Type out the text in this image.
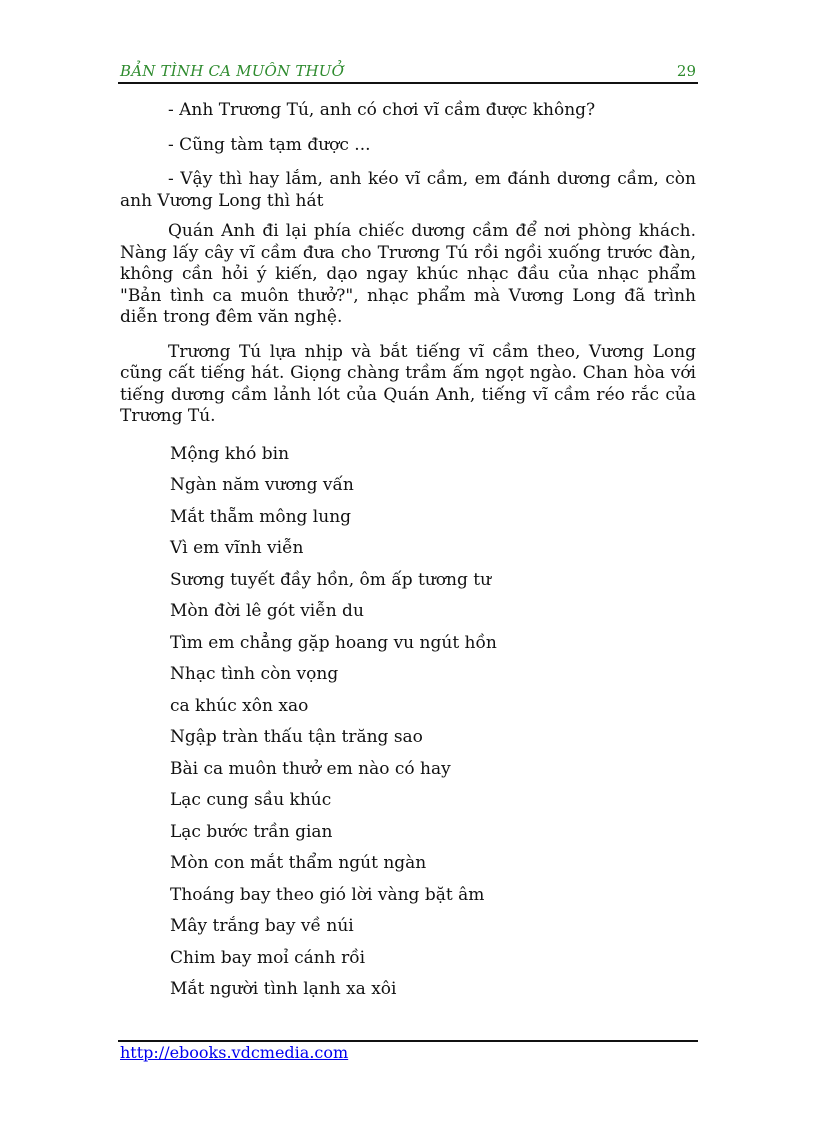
BẢN TÌNH CA MUÔN THUỞ	29

- Anh Trương Tú, anh có chơi vĩ cầm được không?

- Cũng tàm tạm được ...

- Vậy thì hay lắm, anh kéo vĩ cầm, em đánh dương cầm, còn anh Vương Long thì hát

Quán Anh đi lại phía chiếc dương cầm để nơi phòng khách. Nàng lấy cây vĩ cầm đưa cho Trương Tú rồi ngồi xuống trước đàn, không cần hỏi ý kiến, dạo ngay khúc nhạc đầu của nhạc phẩm "Bản tình ca muôn thưở?", nhạc phẩm mà Vương Long đã trình diễn trong đêm văn nghệ.

Trương Tú lựa nhịp và bắt tiếng vĩ cầm theo, Vương Long cũng cất tiếng hát. Giọng chàng trầm ấm ngọt ngào. Chan hòa với tiếng dương cầm lảnh lót của Quán Anh, tiếng vĩ cầm réo rắc của Trương Tú.

Mộng khó bin
Ngàn năm vương vấn
Mắt thẵm mông lung
Vì em vĩnh viễn
Sương tuyết đầy hồn, ôm ấp tương tư
Mòn đời lê gót viễn du
Tìm em chẳng gặp hoang vu ngút hồn
Nhạc tình còn vọng
ca khúc xôn xao
Ngập tràn thấu tận trăng sao
Bài ca muôn thưở em nào có hay
Lạc cung sầu khúc
Lạc bước trần gian
Mòn con mắt thẩm ngút ngàn
Thoáng bay theo gió lời vàng bặt âm
Mây trắng bay về núi
Chim bay moỉ cánh rồi
Mắt người tình lạnh xa xôi
http://ebooks.vdcmedia.com
